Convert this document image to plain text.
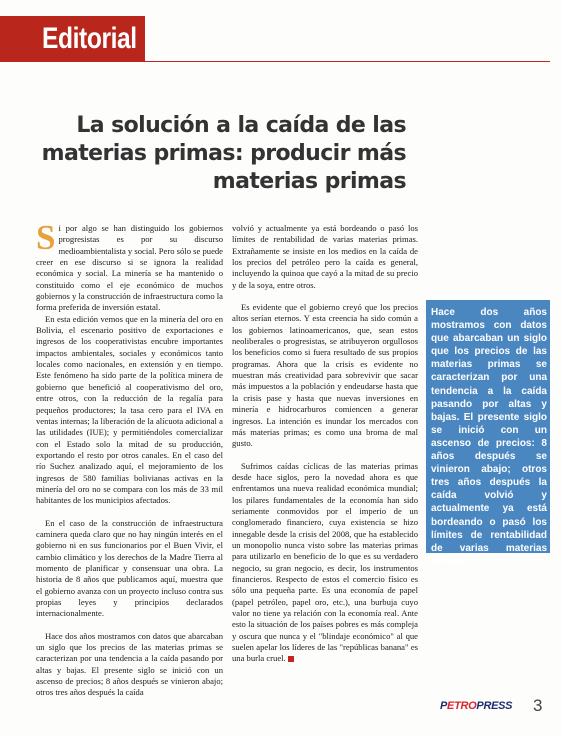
Editorial
La solución a la caída de las materias primas: producir más materias primas

Si por algo se han distinguido los gobiernos progresistas es por su discurso medioambientalista y social. Pero sólo se puede creer en ese discurso si se ignora la realidad económica y social. La minería se ha mantenido o constituido como el eje económico de muchos gobiernos y la construcción de infraestructura como la forma preferida de inversión estatal.

En esta edición vemos que en la minería del oro en Bolivia, el escenario positivo de exportaciones e ingresos de los cooperativistas encubre importantes impactos ambientales, sociales y económicos tanto locales como nacionales, en extensión y en tiempo. Este fenómeno ha sido parte de la política minera de gobierno que benefició al cooperativismo del oro, entre otros, con la reducción de la regalía para pequeños productores; la tasa cero para el IVA en ventas internas; la liberación de la alícuota adicional a las utilidades (IUE); y permitiéndoles comercializar con el Estado solo la mitad de su producción, exportando el resto por otros canales. En el caso del río Suchez analizado aquí, el mejoramiento de los ingresos de 580 familias bolivianas activas en la minería del oro no se compara con los más de 33 mil habitantes de los municipios afectados.

En el caso de la construcción de infraestructura caminera queda claro que no hay ningún interés en el gobierno ni en sus funcionarios por el Buen Vivir, el cambio climático y los derechos de la Madre Tierra al momento de planificar y consensuar una obra. La historia de 8 años que publicamos aquí, muestra que el gobierno avanza con un proyecto incluso contra sus propias leyes y principios declarados internacionalmente.

Hace dos años mostramos con datos que abarcaban un siglo que los precios de las materias primas se caracterizan por una tendencia a la caída pasando por altas y bajas. El presente siglo se inició con un ascenso de precios; 8 años después se vinieron abajo; otros tres años después la caída

volvió y actualmente ya está bordeando o pasó los límites de rentabilidad de varias materias primas. Extrañamente se insiste en los medios en la caída de los precios del petróleo pero la caída es general, incluyendo la quinoa que cayó a la mitad de su precio y de la soya, entre otros.

Es evidente que el gobierno creyó que los precios altos serían eternos. Y esta creencia ha sido común a los gobiernos latinoamericanos, que, sean estos neoliberales o progresistas, se atribuyeron orgullosos los beneficios como si fuera resultado de sus propios programas. Ahora que la crisis es evidente no muestran más creatividad para sobrevivir que sacar más impuestos a la población y endeudarse hasta que la crisis pase y hasta que nuevas inversiones en minería e hidrocarburos comiencen a generar ingresos. La intención es inundar los mercados con más materias primas; es como una broma de mal gusto.

Sufrimos caídas cíclicas de las materias primas desde hace siglos, pero la novedad ahora es que enfrentamos una nueva realidad económica mundial; los pilares fundamentales de la economía han sido seriamente conmovidos por el imperio de un conglomerado financiero, cuya existencia se hizo innegable desde la crisis del 2008, que ha establecido un monopolio nunca visto sobre las materias primas para utilizarlo en beneficio de lo que es su verdadero negocio, su gran negocio, es decir, los instrumentos financieros. Respecto de estos el comercio físico es sólo una pequeña parte. Es una economía de papel (papel petróleo, papel oro, etc.), una burbuja cuyo valor no tiene ya relación con la economía real. Ante esto la situación de los países pobres es más compleja y oscura que nunca y el "blindaje económico" al que suelen apelar los líderes de las "repúblicas banana" es una burla cruel.

Hace dos años mostramos con datos que abarcaban un siglo que los precios de las materias primas se caracterizan por una tendencia a la caída pasando por altas y bajas. El presente siglo se inició con un ascenso de precios: 8 años después se vinieron abajo; otros tres años después la caída volvió y actualmente ya está bordeando o pasó los límites de rentabilidad de varias materias primas.
PETROPRESS 3
